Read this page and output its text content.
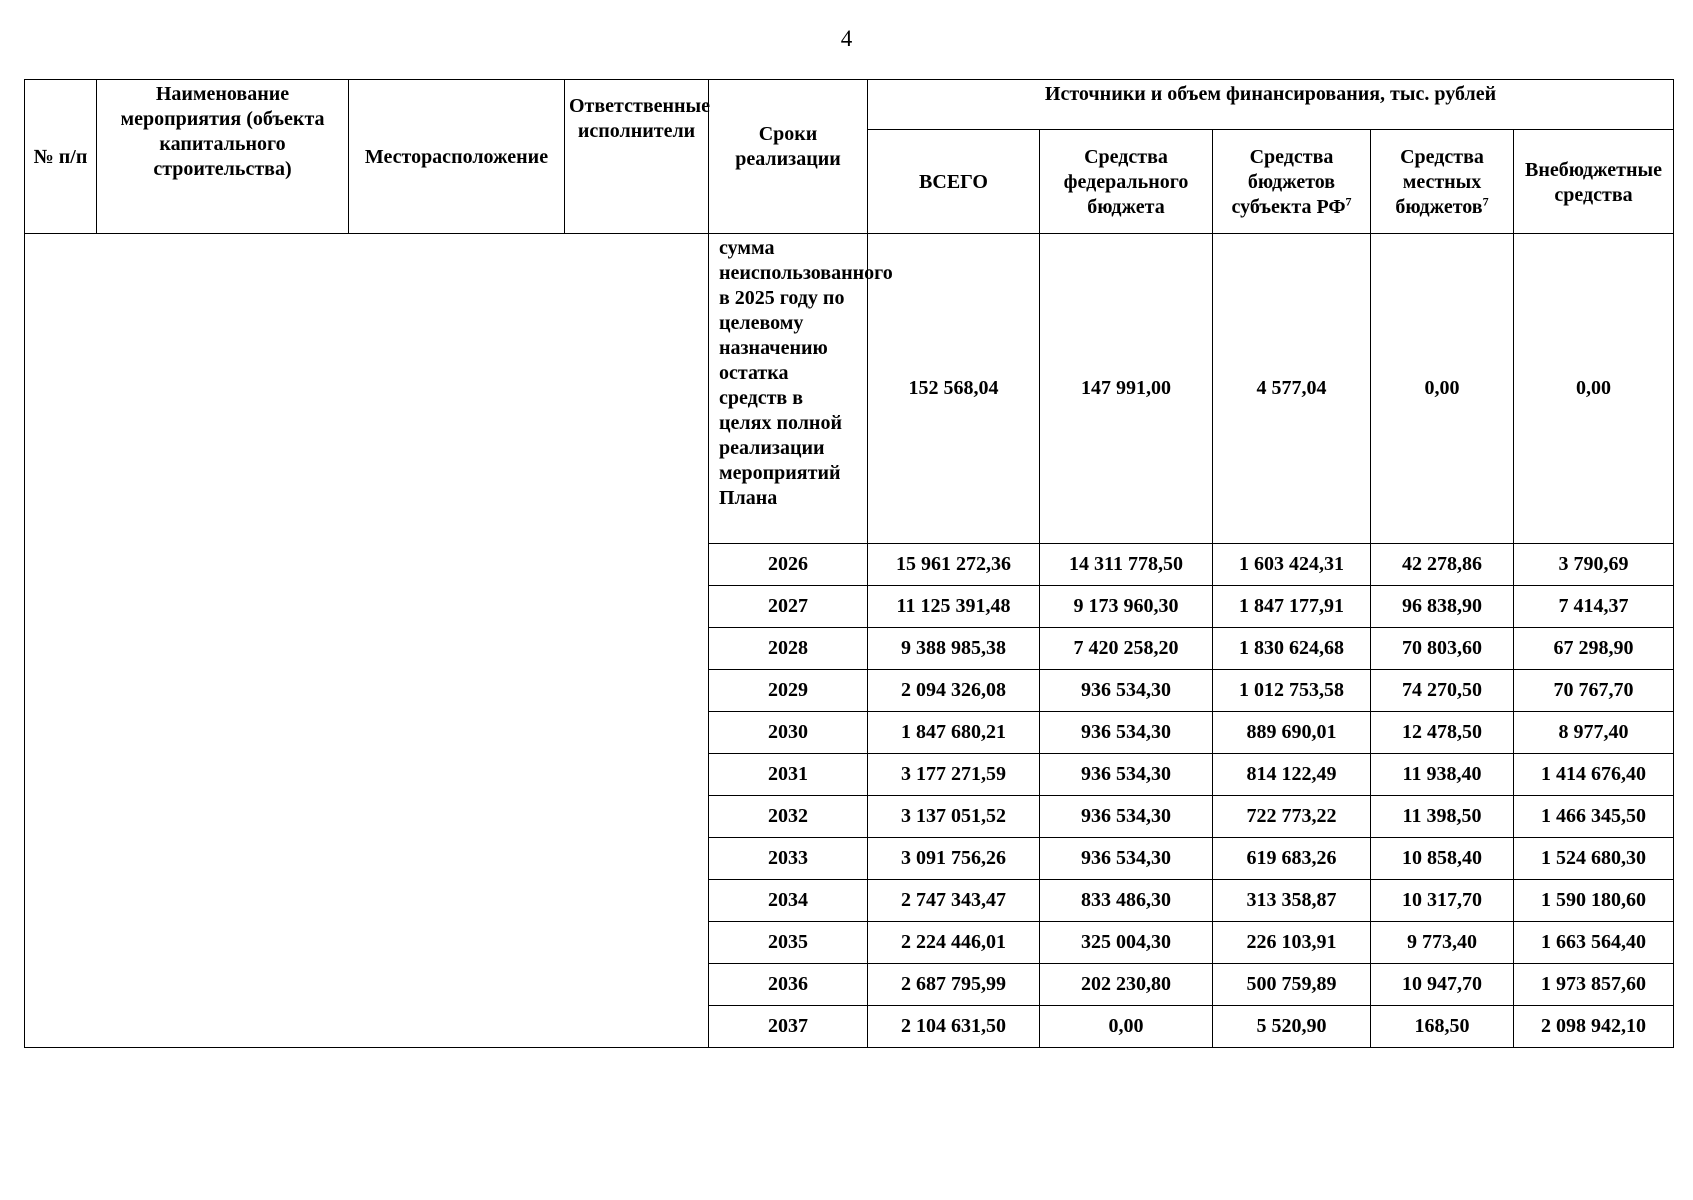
4
№ п/п	Наименование мероприятия (объекта капитального строительства)	Месторасположение	Ответственные исполнители	Сроки реализации	Источники и объем финансирования, тыс. рублей				
					ВСЕГО	Средства федерального бюджета	Средства бюджетов субъекта $РФ^7$	Средства местных бюджетов$^7$	Внебюджетные средства
				сумма неиспользованного в 2025 году по целевому назначению остатка средств в целях полной реализации мероприятий Плана	152 568,04	147 991,00	4 577,04	0,00	0,00
				2026	15 961 272,36	14 311 778,50	1 603 424,31	42 278,86	3 790,69
				2027	11 125 391,48	9 173 960,30	1 847 177,91	96 838,90	7 414,37
				2028	9 388 985,38	7 420 258,20	1 830 624,68	70 803,60	67 298,90
				2029	2 094 326,08	936 534,30	1 012 753,58	74 270,50	70 767,70
				2030	1 847 680,21	936 534,30	889 690,01	12 478,50	8 977,40
				2031	3 177 271,59	936 534,30	814 122,49	11 938,40	1 414 676,40
				2032	3 137 051,52	936 534,30	722 773,22	11 398,50	1 466 345,50
				2033	3 091 756,26	936 534,30	619 683,26	10 858,40	1 524 680,30
				2034	2 747 343,47	833 486,30	313 358,87	10 317,70	1 590 180,60
				2035	2 224 446,01	325 004,30	226 103,91	9 773,40	1 663 564,40
				2036	2 687 795,99	202 230,80	500 759,89	10 947,70	1 973 857,60
				2037	2 104 631,50	0,00	5 520,90	168,50	2 098 942,10
